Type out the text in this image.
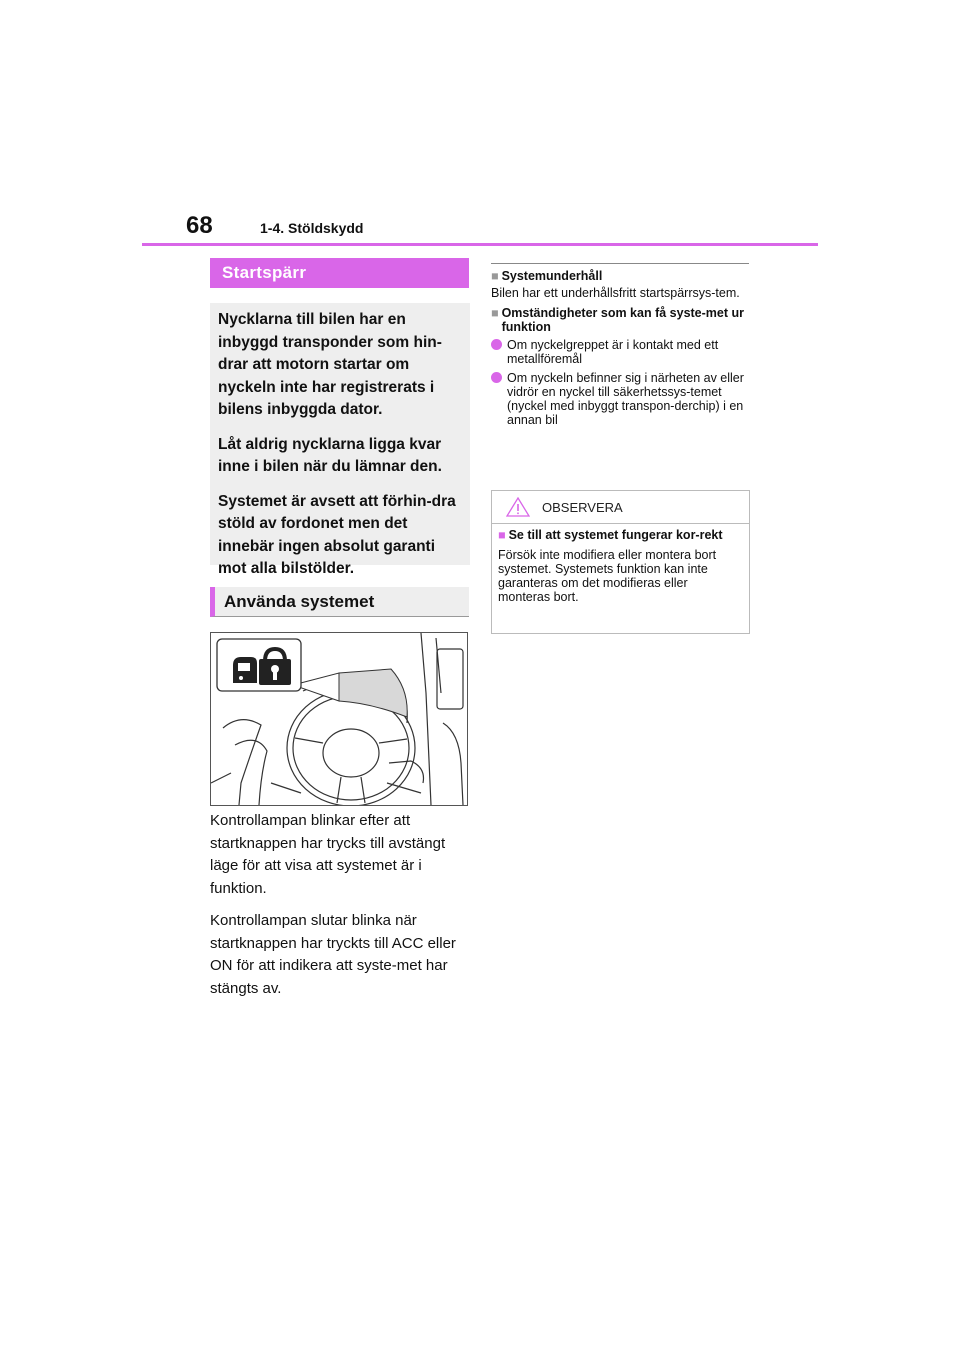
68	1-4. Stöldskydd
Startspärr

Nycklarna till bilen har en inbyggd transponder som hin-drar att motorn startar om nyckeln inte har registrerats i bilens inbyggda dator.

Låt aldrig nycklarna ligga kvar inne i bilen när du lämnar den.

Systemet är avsett att förhin-dra stöld av fordonet men det innebär ingen absolut garanti mot alla bilstölder.

Använda systemet

Kontrollampan blinkar efter att startknappen har trycks till avstängt läge för att visa att systemet är i funktion.

Kontrollampan slutar blinka när startknappen har tryckts till ACC eller ON för att indikera att syste-met har stängts av.

■ Systemunderhåll
Bilen har ett underhållsfritt startspärrsys-tem.
■ Omständigheter som kan få syste-met ur funktion
Om nyckelgreppet är i kontakt med ett metallföremål
Om nyckeln befinner sig i närheten av eller vidrör en nyckel till säkerhetssys-temet (nyckel med inbyggt transpon-derchip) i en annan bil
OBSERVERA
■ Se till att systemet fungerar kor-rekt
Försök inte modifiera eller montera bort systemet. Systemets funktion kan inte garanteras om det modifieras eller monteras bort.
